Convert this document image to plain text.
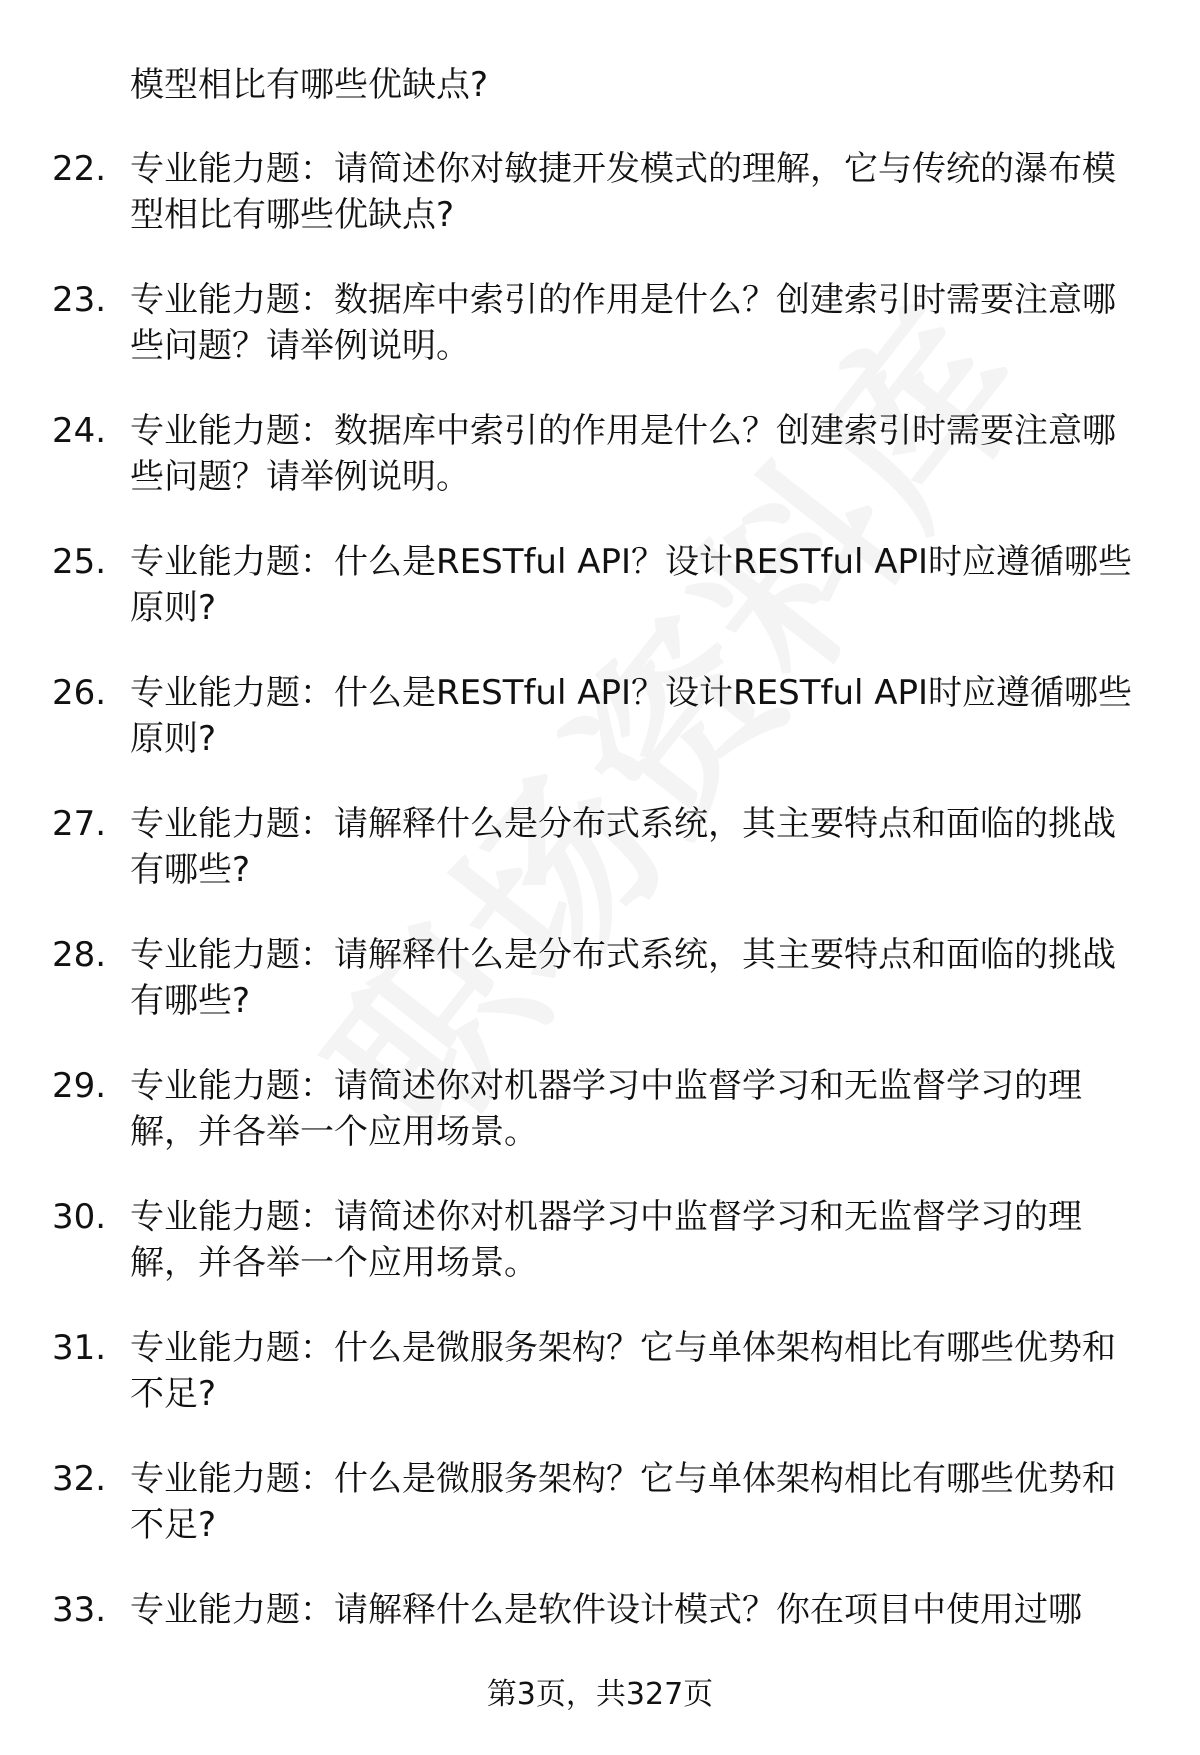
模型相比有哪些优缺点?
22. 专业能力题：请简述你对敏捷开发模式的理解，它与传统的瀑布模型相比有哪些优缺点?
23. 专业能力题：数据库中索引的作用是什么？创建索引时需要注意哪些问题？请举例说明。
24. 专业能力题：数据库中索引的作用是什么？创建索引时需要注意哪些问题？请举例说明。
25. 专业能力题：什么是RESTful API？设计RESTful API时应遵循哪些原则?
26. 专业能力题：什么是RESTful API？设计RESTful API时应遵循哪些原则?
27. 专业能力题：请解释什么是分布式系统，其主要特点和面临的挑战有哪些?
28. 专业能力题：请解释什么是分布式系统，其主要特点和面临的挑战有哪些?
29. 专业能力题：请简述你对机器学习中监督学习和无监督学习的理解，并各举一个应用场景。
30. 专业能力题：请简述你对机器学习中监督学习和无监督学习的理解，并各举一个应用场景。
31. 专业能力题：什么是微服务架构？它与单体架构相比有哪些优势和不足?
32. 专业能力题：什么是微服务架构？它与单体架构相比有哪些优势和不足?
33. 专业能力题：请解释什么是软件设计模式？你在项目中使用过哪
第3页，共327页
